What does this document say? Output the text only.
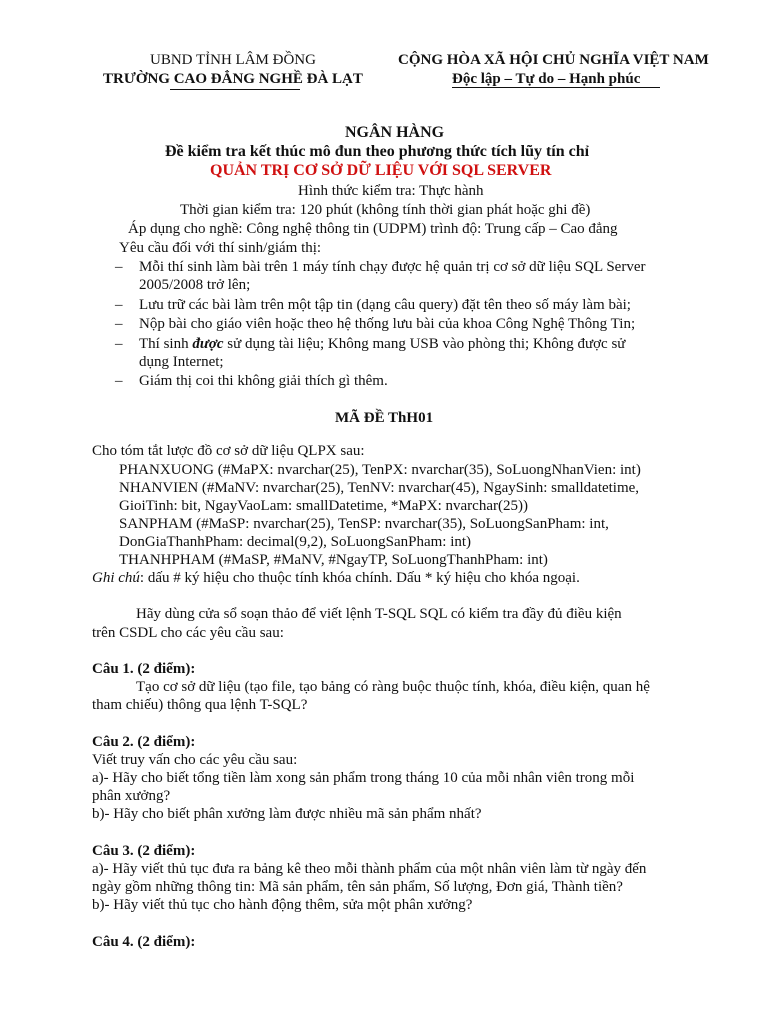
UBND TỈNH LÂM ĐỒNG
TRƯỜNG CAO ĐẲNG NGHỀ ĐÀ LẠT
CỘNG HÒA XÃ HỘI CHỦ NGHĨA VIỆT NAM
Độc lập – Tự do – Hạnh phúc
NGÂN HÀNG
Đề kiểm tra kết thúc mô đun theo phương thức tích lũy tín chỉ
QUẢN TRỊ CƠ SỞ DỮ LIỆU VỚI SQL SERVER
Hình thức kiểm tra: Thực hành
Thời gian kiểm tra: 120 phút (không tính thời gian phát hoặc ghi đề)
Áp dụng cho nghề: Công nghệ thông tin (UDPM) trình độ: Trung cấp – Cao đẳng
Yêu cầu đối với thí sinh/giám thị:
– Mỗi thí sinh làm bài trên 1 máy tính chạy được hệ quản trị cơ sở dữ liệu SQL Server
2005/2008 trở lên;
– Lưu trữ các bài làm trên một tập tin (dạng câu query) đặt tên theo số máy làm bài;
– Nộp bài cho giáo viên hoặc theo hệ thống lưu bài của khoa Công Nghệ Thông Tin;
– Thí sinh được sử dụng tài liệu; Không mang USB vào phòng thi; Không được sử
dụng Internet;
– Giám thị coi thi không giải thích gì thêm.
MÃ ĐỀ ThH01
Cho tóm tắt lược đồ cơ sở dữ liệu QLPX sau:
PHANXUONG (#MaPX: nvarchar(25), TenPX: nvarchar(35), SoLuongNhanVien: int)
NHANVIEN (#MaNV: nvarchar(25), TenNV: nvarchar(45), NgaySinh: smalldatetime,
GioiTinh: bit, NgayVaoLam: smallDatetime, *MaPX: nvarchar(25))
SANPHAM (#MaSP: nvarchar(25), TenSP: nvarchar(35), SoLuongSanPham: int,
DonGiaThanhPham: decimal(9,2), SoLuongSanPham: int)
THANHPHAM (#MaSP, #MaNV, #NgayTP, SoLuongThanhPham: int)
Ghi chú: dấu # ký hiệu cho thuộc tính khóa chính. Dấu * ký hiệu cho khóa ngoại.
Hãy dùng cửa sổ soạn thảo để viết lệnh T-SQL SQL có kiểm tra đầy đủ điều kiện
trên CSDL cho các yêu cầu sau:
Câu 1. (2 điểm):
Tạo cơ sở dữ liệu (tạo file, tạo bảng có ràng buộc thuộc tính, khóa, điều kiện, quan hệ
tham chiếu) thông qua lệnh T-SQL?
Câu 2. (2 điểm):
Viết truy vấn cho các yêu cầu sau:
a)- Hãy cho biết tổng tiền làm xong sản phẩm trong tháng 10 của mỗi nhân viên trong mỗi
phân xưởng?
b)- Hãy cho biết phân xưởng làm được nhiều mã sản phẩm nhất?
Câu 3. (2 điểm):
a)- Hãy viết thủ tục đưa ra bảng kê theo mỗi thành phẩm của một nhân viên làm từ ngày đến
ngày gồm những thông tin: Mã sản phẩm, tên sản phẩm, Số lượng, Đơn giá, Thành tiền?
b)- Hãy viết thủ tục cho hành động thêm, sửa một phân xưởng?
Câu 4. (2 điểm):
